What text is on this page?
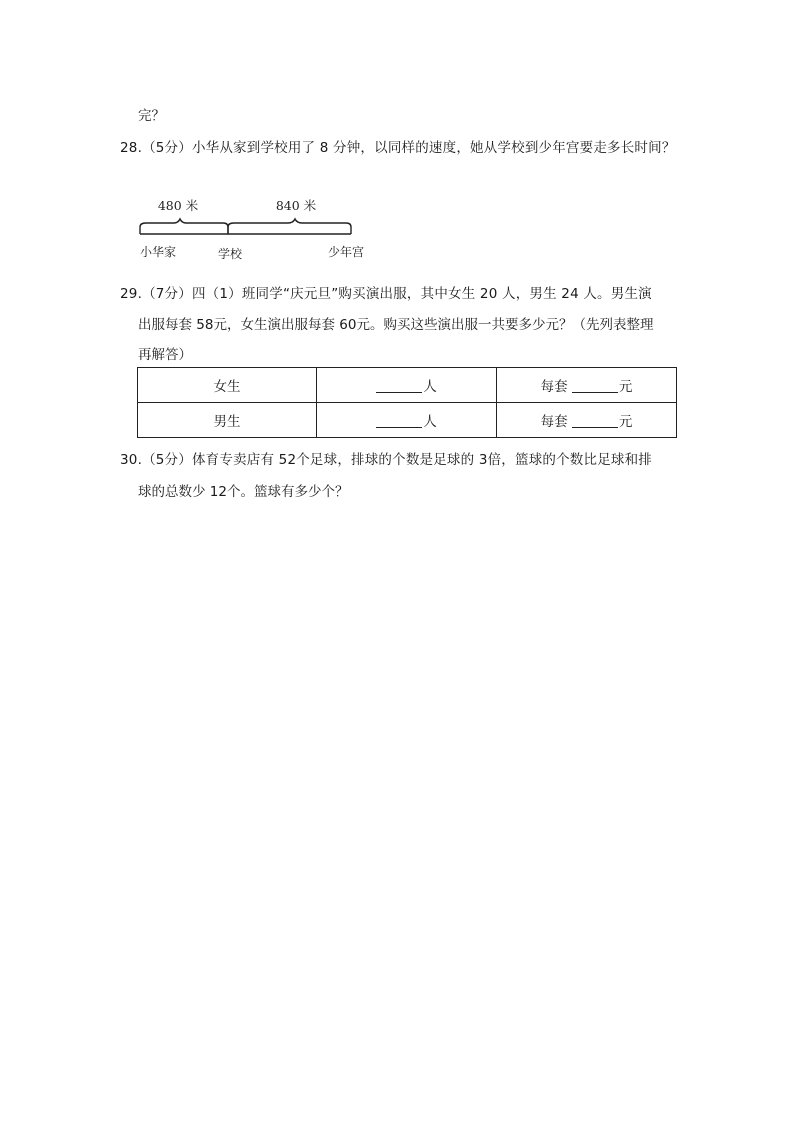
完？
28.（5分）小华从家到学校用了 8 分钟，以同样的速度，她从学校到少年宫要走多长时间？
480 米	840 米
小华家	学校	少年宫
29.（7分）四（1）班同学“庆元旦”购买演出服，其中女生 20 人，男生 24 人。男生演
出服每套 58元，女生演出服每套 60元。购买这些演出服一共要多少元？（先列表整理
再解答）
女生	人	每套 元
男生	人	每套 元
30.（5分）体育专卖店有 52个足球，排球的个数是足球的 3倍，篮球的个数比足球和排
球的总数少 12个。篮球有多少个？
